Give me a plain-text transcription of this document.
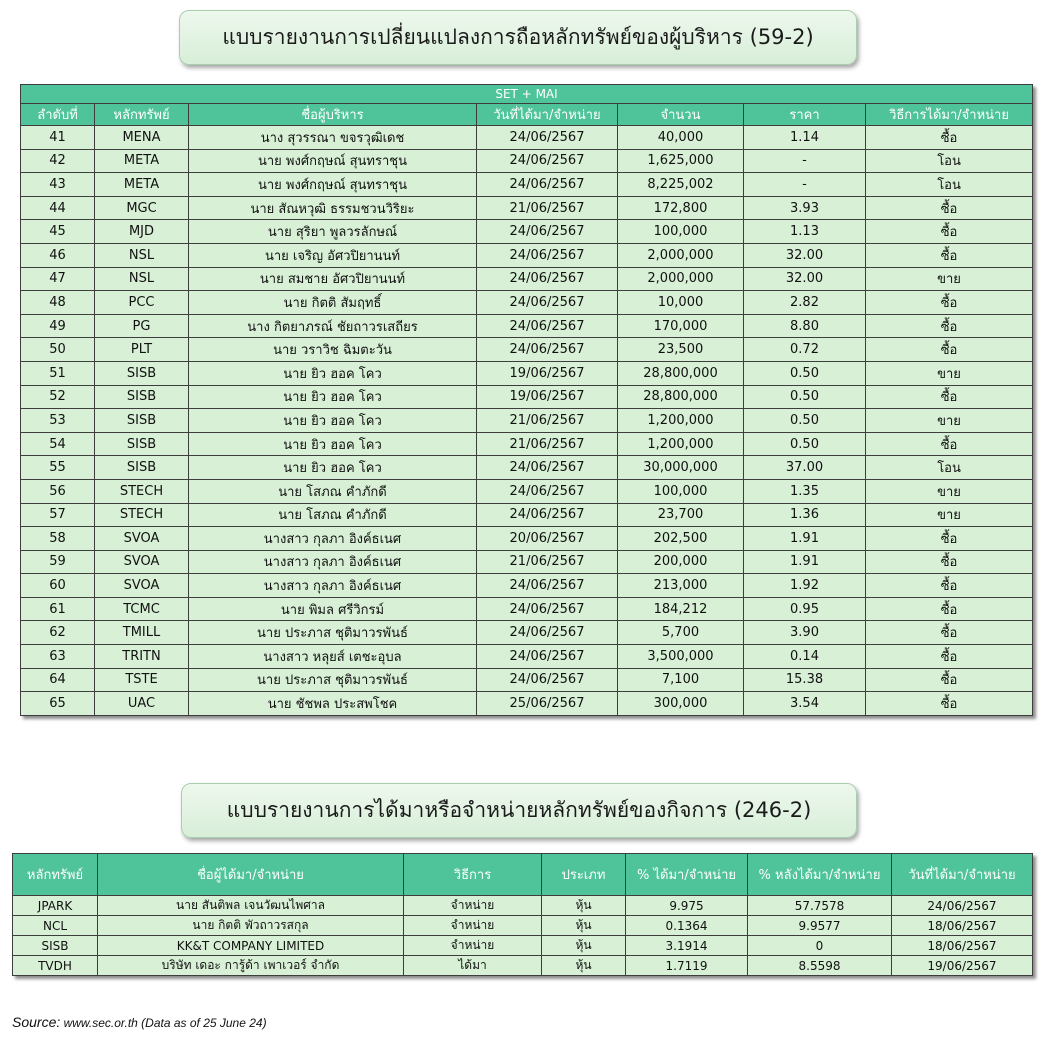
แบบรายงานการเปลี่ยนแปลงการถือหลักทรัพย์ของผู้บริหาร (59-2)
SET + MAI						
ลำดับที่	หลักทรัพย์	ชื่อผู้บริหาร	วันที่ได้มา/จำหน่าย	จำนวน	ราคา	วิธีการได้มา/จำหน่าย
41	MENA	นาง สุวรรณา ขจรวุฒิเดช	24/06/2567	40,000	1.14	ซื้อ
42	META	นาย พงศ์กฤษณ์ สุนทราชุน	24/06/2567	1,625,000	-	โอน
43	META	นาย พงศ์กฤษณ์ สุนทราชุน	24/06/2567	8,225,002	-	โอน
44	MGC	นาย สัณหวุฒิ ธรรมชวนวิริยะ	21/06/2567	172,800	3.93	ซื้อ
45	MJD	นาย สุริยา พูลวรลักษณ์	24/06/2567	100,000	1.13	ซื้อ
46	NSL	นาย เจริญ อัศวปิยานนท์	24/06/2567	2,000,000	32.00	ซื้อ
47	NSL	นาย สมชาย อัศวปิยานนท์	24/06/2567	2,000,000	32.00	ขาย
48	PCC	นาย กิตติ สัมฤทธิ์	24/06/2567	10,000	2.82	ซื้อ
49	PG	นาง กิตยาภรณ์ ชัยถาวรเสถียร	24/06/2567	170,000	8.80	ซื้อ
50	PLT	นาย วราวิช ฉิมตะวัน	24/06/2567	23,500	0.72	ซื้อ
51	SISB	นาย ยิว ฮอค โคว	19/06/2567	28,800,000	0.50	ขาย
52	SISB	นาย ยิว ฮอค โคว	19/06/2567	28,800,000	0.50	ซื้อ
53	SISB	นาย ยิว ฮอค โคว	21/06/2567	1,200,000	0.50	ขาย
54	SISB	นาย ยิว ฮอค โคว	21/06/2567	1,200,000	0.50	ซื้อ
55	SISB	นาย ยิว ฮอค โคว	24/06/2567	30,000,000	37.00	โอน
56	STECH	นาย โสภณ คำภักดี	24/06/2567	100,000	1.35	ขาย
57	STECH	นาย โสภณ คำภักดี	24/06/2567	23,700	1.36	ขาย
58	SVOA	นางสาว กุลภา อิงค์ธเนศ	20/06/2567	202,500	1.91	ซื้อ
59	SVOA	นางสาว กุลภา อิงค์ธเนศ	21/06/2567	200,000	1.91	ซื้อ
60	SVOA	นางสาว กุลภา อิงค์ธเนศ	24/06/2567	213,000	1.92	ซื้อ
61	TCMC	นาย พิมล ศรีวิกรม์	24/06/2567	184,212	0.95	ซื้อ
62	TMILL	นาย ประภาส ชุติมาวรพันธ์	24/06/2567	5,700	3.90	ซื้อ
63	TRITN	นางสาว หลุยส์ เตชะอุบล	24/06/2567	3,500,000	0.14	ซื้อ
64	TSTE	นาย ประภาส ชุติมาวรพันธ์	24/06/2567	7,100	15.38	ซื้อ
65	UAC	นาย ชัชพล ประสพโชค	25/06/2567	300,000	3.54	ซื้อ
แบบรายงานการได้มาหรือจำหน่ายหลักทรัพย์ของกิจการ (246-2)
หลักทรัพย์	ชื่อผู้ได้มา/จำหน่าย	วิธีการ	ประเภท	% ได้มา/จำหน่าย	% หลังได้มา/จำหน่าย	วันที่ได้มา/จำหน่าย
JPARK	นาย สันติพล เจนวัฒนไพศาล	จำหน่าย	หุ้น	9.975	57.7578	24/06/2567
NCL	นาย กิตติ พัวถาวรสกุล	จำหน่าย	หุ้น	0.1364	9.9577	18/06/2567
SISB	KK&T COMPANY LIMITED	จำหน่าย	หุ้น	3.1914	0	18/06/2567
TVDH	บริษัท เดอะ การู้ด้า เพาเวอร์ จำกัด	ได้มา	หุ้น	1.7119	8.5598	19/06/2567
Source: www.sec.or.th (Data as of 25 June 24)
